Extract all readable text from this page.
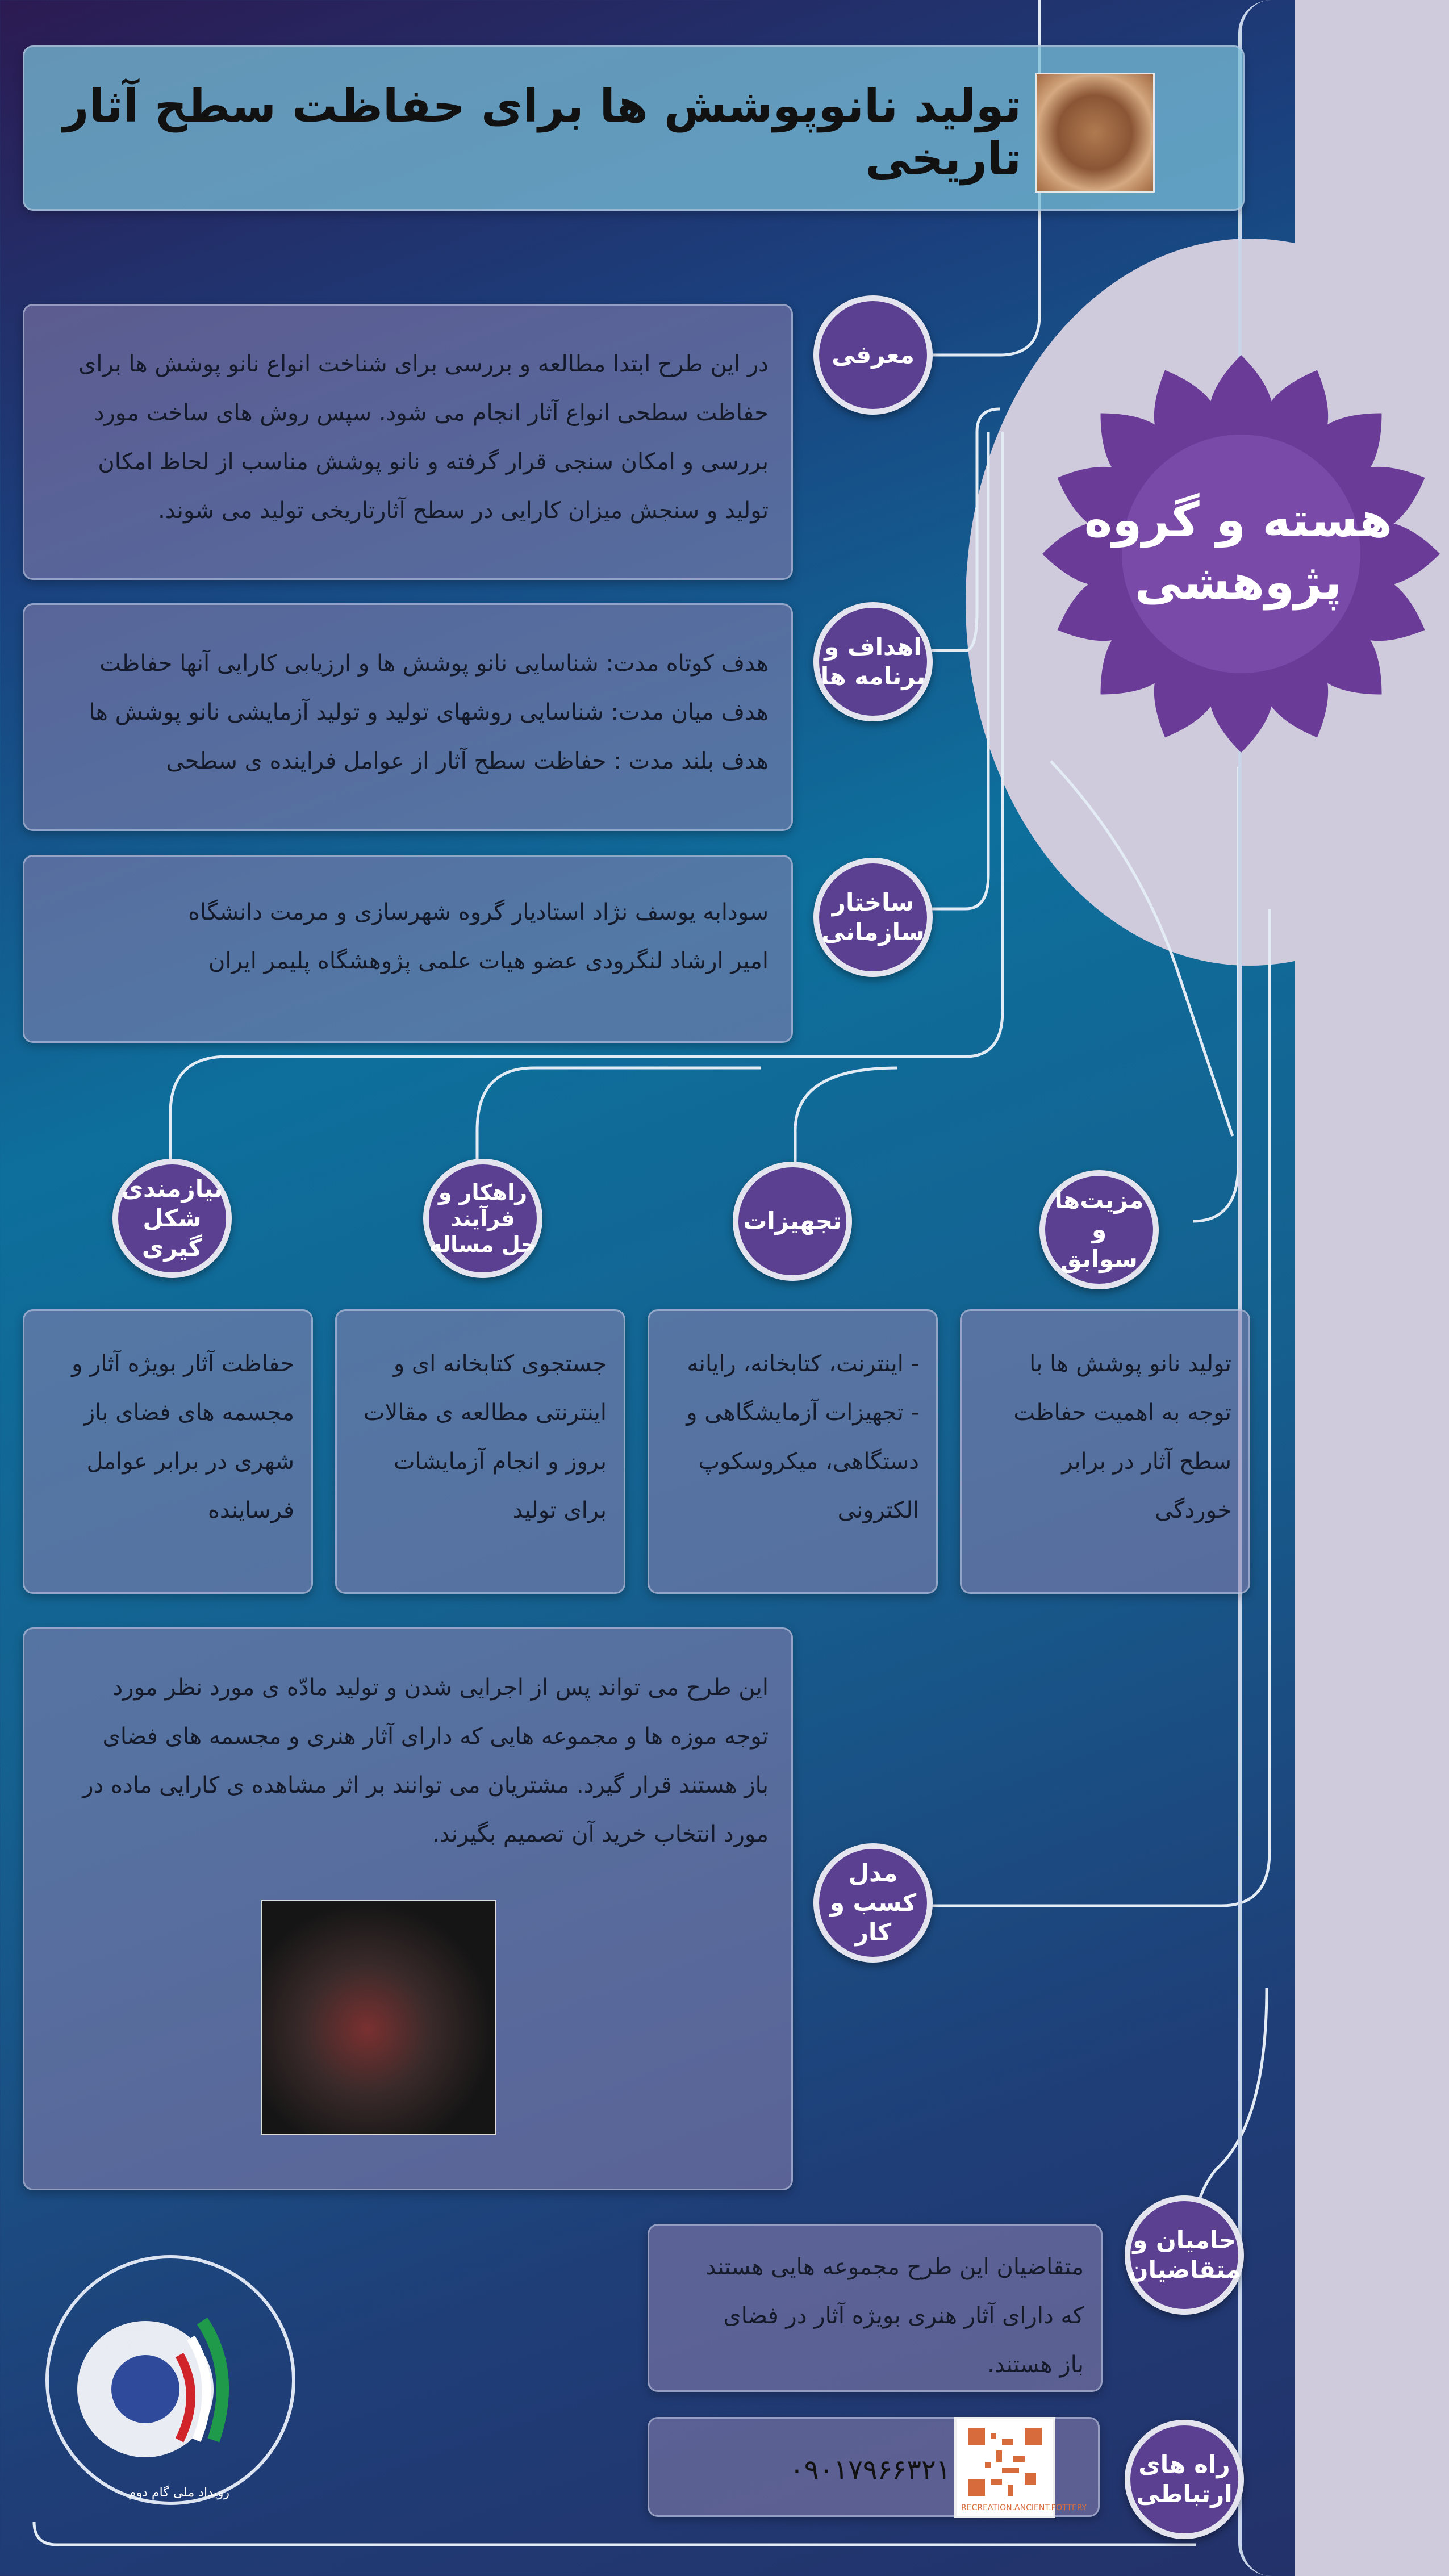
تولید نانوپوشش ها برای حفاظت سطح آثار تاریخی
هسته و گروه
پژوهشی

در این طرح ابتدا مطالعه و بررسی برای شناخت انواع نانو پوشش ها برای

حفاظت سطحی انواع آثار انجام می شود. سپس روش های ساخت مورد

بررسی و امکان سنجی قرار گرفته و نانو پوشش مناسب از لحاظ امکان

تولید و سنجش میزان کارایی در سطح آثارتاریخی تولید می شوند.

معرفی

هدف کوتاه مدت: شناسایی نانو پوشش ها و ارزیابی کارایی آنها حفاظت

هدف میان مدت: شناسایی روشهای تولید و تولید آزمایشی نانو پوشش ها

هدف بلند مدت : حفاظت سطح آثار از عوامل فراینده ی سطحی

اهداف و
برنامه ها

سودابه یوسف نژاد استادیار گروه شهرسازی و مرمت دانشگاه

امیر ارشاد لنگرودی عضو هیات علمی پژوهشگاه پلیمر ایران

ساختار
سازمانی
مزیت‌ها و
سوابق
تجهیزات
راهکار و
فرآیند
حل مساله
نیازمندی
شکل گیری

تولید نانو پوشش ها با

توجه به اهمیت حفاظت

سطح آثار در برابر

خوردگی

- اینترنت، کتابخانه، رایانه

- تجهیزات آزمایشگاهی و

دستگاهی، میکروسکوپ

الکترونی

جستجوی کتابخانه ای و

اینترنتی مطالعه ی مقالات

بروز و انجام آزمایشات

برای تولید

حفاظت آثار بویژه آثار و

مجسمه های فضای باز

شهری در برابر عوامل

فرساینده

این طرح می تواند پس از اجرایی شدن و تولید مادّه ی مورد نظر مورد

توجه موزه ها و مجموعه هایی که دارای آثار هنری و مجسمه های فضای

باز هستند قرار گیرد. مشتریان می توانند بر اثر مشاهده ی کارایی ماده در

مورد انتخاب خرید آن تصمیم بگیرند.

مدل
کسب و کار

متقاضیان این طرح مجموعه هایی هستند

که دارای آثار هنری بویژه آثار در فضای

باز هستند.

حامیان و
متقاضیان
۰۹۰۱۷۹۶۶۳۲۱
RECREATION.ANCIENT.POTTERY
راه های
ارتباطی
رویداد ملی گام دوم
